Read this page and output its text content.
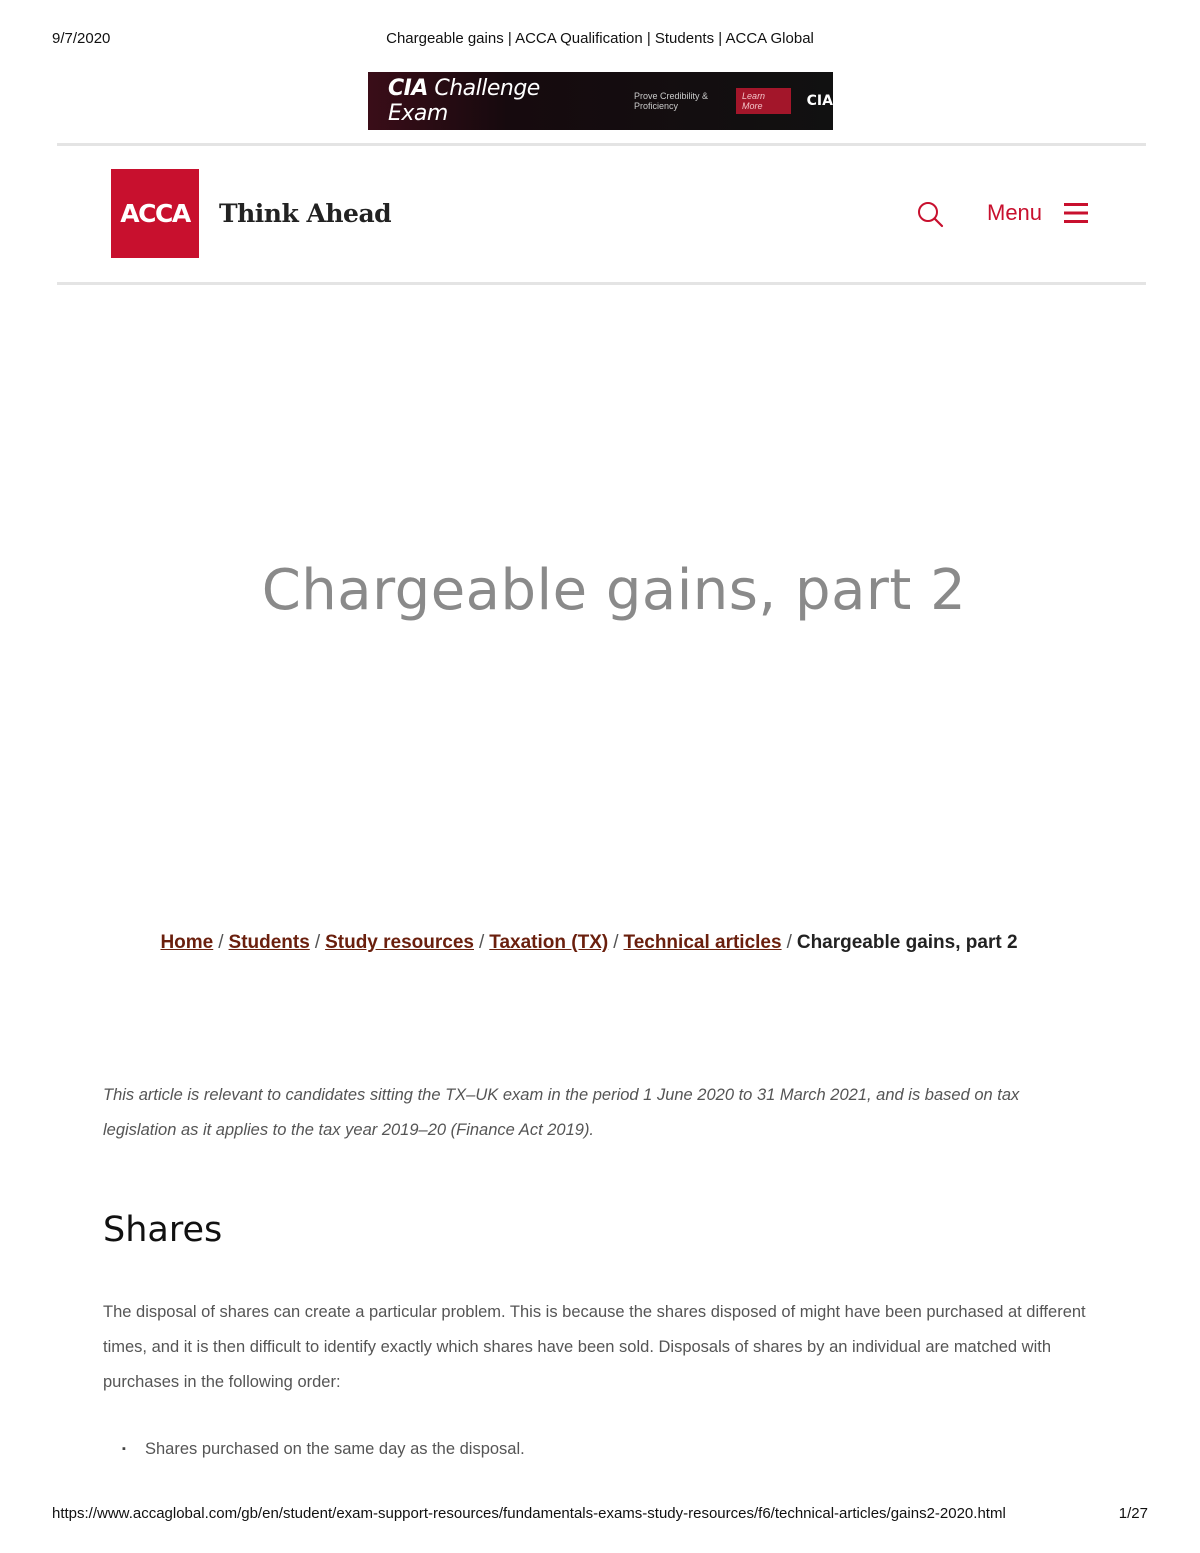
9/7/2020	Chargeable gains | ACCA Qualification | Students | ACCA Global
CIA Challenge Exam
Prove Credibility & Proficiency
Learn More	CIA
ACCA Think Ahead	Menu
Chargeable gains, part 2
Home / Students / Study resources / Taxation (TX) / Technical articles / Chargeable gains, part 2

This article is relevant to candidates sitting the TX–UK exam in the period 1 June 2020 to 31 March 2021, and is based on tax legislation as it applies to the tax year 2019–20 (Finance Act 2019).

Shares

The disposal of shares can create a particular problem. This is because the shares disposed of might have been purchased at different times, and it is then difficult to identify exactly which shares have been sold. Disposals of shares by an individual are matched with purchases in the following order:

▪ Shares purchased on the same day as the disposal.
https://www.accaglobal.com/gb/en/student/exam-support-resources/fundamentals-exams-study-resources/f6/technical-articles/gains2-2020.html	1/27
